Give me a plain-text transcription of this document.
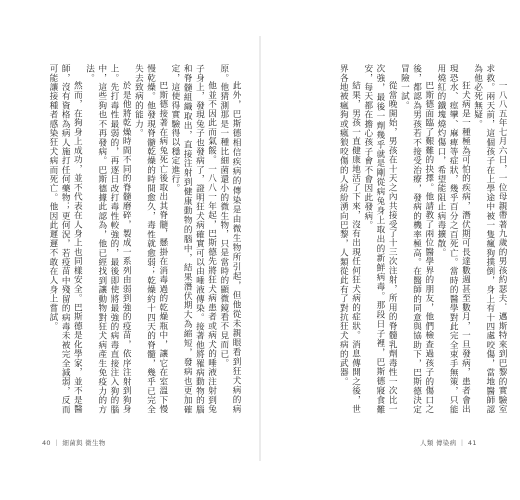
此外，巴斯德相信疾病的傳染是由微生物所引起，但他從未親眼看到狂犬病的病原。他猜測那是一種比細菌還小的微生物，只是當時的顯微鏡看不見而已。

他並不因此而氣餒。一八八一年起，巴斯德先將狂犬病患者或病犬的唾液注射到兔子身上，發現兔子也發病了，證明狂犬病確實可以由唾液傳染。接著他將罹病動物的腦和脊髓組織取出，直接注射到健康動物的腦中，結果潛伏期大為縮短，發病也更加確定，這使得實驗得以穩定進行。

巴斯德接著在病兔死亡後取出其脊髓，懸掛在消毒過的乾燥瓶中，讓它在室溫下慢慢乾燥。他發現脊髓乾燥的時間愈久，毒性就愈弱；乾燥約十四天的脊髓，幾乎已完全失去致病的能力。

於是他將乾燥時間不同的脊髓磨碎，製成一系列由弱到強的疫苗，依序注射到狗身上。先打毒性最弱的，再逐日改打毒性較強的，最後即使將最強的病毒直接注入狗的腦中，這些狗也不再發病。巴斯德據此認為，他已經找到讓動物對狂犬病產生免疫力的方法。

然而，在狗身上成功，並不代表在人身上也同樣安全。巴斯德是化學家，並不是醫師，沒有資格為病人施打任何藥物；更何況，若疫苗中殘留的病毒未被完全減弱，反而可能讓接種者感染狂犬病而死亡。他因此遲遲不敢在人身上嘗試。	一八八五年七月六日，一位母親帶著九歲的男孩約瑟夫．邁斯特來到巴黎的實驗室求救。兩天前，這個孩子在上學途中被一隻瘋狗撲倒，身上有十四處咬傷，當地醫師認為他必死無疑。

狂犬病是一種極為可怕的疾病，潛伏期可長達數週甚至數月，一旦發病，患者會出現恐水、痙攣、麻痺等症狀，幾乎百分之百死亡。當時的醫學對此完全束手無策，只能用燒紅的鐵塊燒灼傷口，希望能阻止病毒擴散。

巴斯德面臨了艱難的抉擇。他請教了兩位醫學界的朋友，他們檢查過孩子的傷口之後，都認為男孩若不接受治療，發病的機率極高。在醫師的同意與協助下，巴斯德決定冒險一試。

從當晚開始，男孩在十天之內共接受了十三次注射，所用的脊髓乳劑毒性一次比一次強，最後一劑幾乎就是剛從病兔身上取出的新鮮病毒。那段日子裡，巴斯德寢食難安，每天都在擔心孩子會不會因此發病。

結果，男孩一直健康地活了下來，沒有出現任何狂犬病的症狀。消息傳開之後，世界各地被瘋狗或瘋狼咬傷的人紛紛湧向巴黎，人類從此有了對抗狂犬病的武器。

40 ｜ 細菌與 微生物	人類 傳染病 ｜ 41
